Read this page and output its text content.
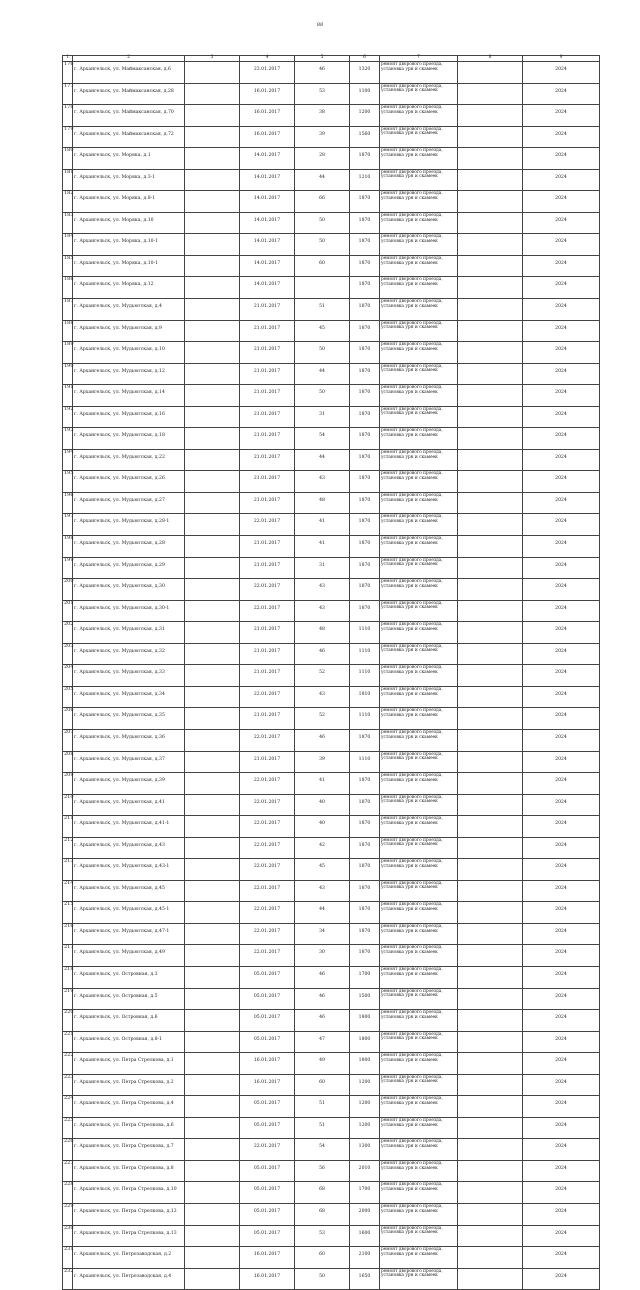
88
1	2	3	4	5	6	7	8	9
176	г. Архангельск, ул. Маймаксанская, д.6		23.01.2017	46	1320	ремонт дворового проезда, установка урн и скамеек		2024
177	г. Архангельск, ул. Маймаксанская, д.28		16.01.2017	53	1100	ремонт дворового проезда, установка урн и скамеек		2024
178	г. Архангельск, ул. Маймаксанская, д.70		16.01.2017	38	1200	ремонт дворового проезда, установка урн и скамеек		2024
179	г. Архангельск, ул. Маймаксанская, д.72		16.01.2017	39	1560	ремонт дворового проезда, установка урн и скамеек		2024
180	г. Архангельск, ул. Моряка, д.1		14.01.2017	28	1870	ремонт дворового проезда, установка урн и скамеек		2024
181	г. Архангельск, ул. Моряка, д.3-1		14.01.2017	44	1210	ремонт дворового проезда, установка урн и скамеек		2024
182	г. Архангельск, ул. Моряка, д.8-1		14.01.2017	66	1870	ремонт дворового проезда, установка урн и скамеек		2024
183	г. Архангельск, ул. Моряка, д.10		14.01.2017	50	1870	ремонт дворового проезда, установка урн и скамеек		2024
184	г. Архангельск, ул. Моряка, д.10-1		14.01.2017	50	1870	ремонт дворового проезда, установка урн и скамеек		2024
185	г. Архангельск, ул. Моряка, д.10-1		14.01.2017	60	1870	ремонт дворового проезда, установка урн и скамеек		2024
186	г. Архангельск, ул. Моряка, д.12		14.01.2017		1870	ремонт дворового проезда, установка урн и скамеек		2024
187	г. Архангельск, ул. Мудьюгская, д.4		21.01.2017	51	1870	ремонт дворового проезда, установка урн и скамеек		2024
188	г. Архангельск, ул. Мудьюгская, д.9		21.01.2017	45	1870	ремонт дворового проезда, установка урн и скамеек		2024
189	г. Архангельск, ул. Мудьюгская, д.10		21.01.2017	50	1870	ремонт дворового проезда, установка урн и скамеек		2024
190	г. Архангельск, ул. Мудьюгская, д.12		21.01.2017	44	1870	ремонт дворового проезда, установка урн и скамеек		2024
191	г. Архангельск, ул. Мудьюгская, д.14		21.01.2017	50	1870	ремонт дворового проезда, установка урн и скамеек		2024
192	г. Архангельск, ул. Мудьюгская, д.16		21.01.2017	31	1870	ремонт дворового проезда, установка урн и скамеек		2024
193	г. Архангельск, ул. Мудьюгская, д.18		21.01.2017	54	1870	ремонт дворового проезда, установка урн и скамеек		2024
194	г. Архангельск, ул. Мудьюгская, д.22		21.01.2017	44	1870	ремонт дворового проезда, установка урн и скамеек		2024
195	г. Архангельск, ул. Мудьюгская, д.26		21.01.2017	43	1870	ремонт дворового проезда, установка урн и скамеек		2024
196	г. Архангельск, ул. Мудьюгская, д.27		21.01.2017	48	1870	ремонт дворового проезда, установка урн и скамеек		2024
197	г. Архангельск, ул. Мудьюгская, д.28-1		22.01.2017	41	1870	ремонт дворового проезда, установка урн и скамеек		2024
198	г. Архангельск, ул. Мудьюгская, д.28		21.01.2017	41	1870	ремонт дворового проезда, установка урн и скамеек		2024
199	г. Архангельск, ул. Мудьюгская, д.29		21.01.2017	31	1870	ремонт дворового проезда, установка урн и скамеек		2024
200	г. Архангельск, ул. Мудьюгская, д.30		22.01.2017	43	1870	ремонт дворового проезда, установка урн и скамеек		2024
201	г. Архангельск, ул. Мудьюгская, д.30-1		22.01.2017	43	1870	ремонт дворового проезда, установка урн и скамеек		2024
202	г. Архангельск, ул. Мудьюгская, д.31		21.01.2017	48	1110	ремонт дворового проезда, установка урн и скамеек		2024
203	г. Архангельск, ул. Мудьюгская, д.32		21.01.2017	46	1110	ремонт дворового проезда, установка урн и скамеек		2024
204	г. Архангельск, ул. Мудьюгская, д.33		21.01.2017	52	1110	ремонт дворового проезда, установка урн и скамеек		2024
205	г. Архангельск, ул. Мудьюгская, д.34		22.01.2017	43	1810	ремонт дворового проезда, установка урн и скамеек		2024
206	г. Архангельск, ул. Мудьюгская, д.35		21.01.2017	52	1110	ремонт дворового проезда, установка урн и скамеек		2024
207	г. Архангельск, ул. Мудьюгская, д.36		22.01.2017	46	1870	ремонт дворового проезда, установка урн и скамеек		2024
208	г. Архангельск, ул. Мудьюгская, д.37		21.01.2017	39	1110	ремонт дворового проезда, установка урн и скамеек		2024
209	г. Архангельск, ул. Мудьюгская, д.39		22.01.2017	41	1870	ремонт дворового проезда, установка урн и скамеек		2024
210	г. Архангельск, ул. Мудьюгская, д.41		22.01.2017	40	1870	ремонт дворового проезда, установка урн и скамеек		2024
211	г. Архангельск, ул. Мудьюгская, д.41-1		22.01.2017	40	1870	ремонт дворового проезда, установка урн и скамеек		2024
212	г. Архангельск, ул. Мудьюгская, д.43		22.01.2017	42	1870	ремонт дворового проезда, установка урн и скамеек		2024
213	г. Архангельск, ул. Мудьюгская, д.43-1		22.01.2017	45	1870	ремонт дворового проезда, установка урн и скамеек		2024
214	г. Архангельск, ул. Мудьюгская, д.45		22.01.2017	43	1870	ремонт дворового проезда, установка урн и скамеек		2024
215	г. Архангельск, ул. Мудьюгская, д.45-1		22.01.2017	44	1870	ремонт дворового проезда, установка урн и скамеек		2024
216	г. Архангельск, ул. Мудьюгская, д.47-1		22.01.2017	34	1870	ремонт дворового проезда, установка урн и скамеек		2024
217	г. Архангельск, ул. Мудьюгская, д.49		22.01.2017	30	1870	ремонт дворового проезда, установка урн и скамеек		2024
218	г. Архангельск, ул. Островная, д.3		05.01.2017	46	1700	ремонт дворового проезда, установка урн и скамеек		2024
219	г. Архангельск, ул. Островная, д.5		05.01.2017	46	1500	ремонт дворового проезда, установка урн и скамеек		2024
220	г. Архангельск, ул. Островная, д.6		05.01.2017	46	1800	ремонт дворового проезда, установка урн и скамеек		2024
221	г. Архангельск, ул. Островная, д.8-1		05.01.2017	47	1800	ремонт дворового проезда, установка урн и скамеек		2024
222	г. Архангельск, ул. Петра Стрелкова, д.1		16.01.2017	49	1800	ремонт дворового проезда, установка урн и скамеек		2024
223	г. Архангельск, ул. Петра Стрелкова, д.2		16.01.2017	60	1200	ремонт дворового проезда, установка урн и скамеек		2024
224	г. Архангельск, ул. Петра Стрелкова, д.4		05.01.2017	51	1200	ремонт дворового проезда, установка урн и скамеек		2024
225	г. Архангельск, ул. Петра Стрелкова, д.6		05.01.2017	51	1200	ремонт дворового проезда, установка урн и скамеек		2024
226	г. Архангельск, ул. Петра Стрелкова, д.7		22.01.2017	54	1300	ремонт дворового проезда, установка урн и скамеек		2024
227	г. Архангельск, ул. Петра Стрелкова, д.8		05.01.2017	56	2010	ремонт дворового проезда, установка урн и скамеек		2024
228	г. Архангельск, ул. Петра Стрелкова, д.10		05.01.2017	68	1700	ремонт дворового проезда, установка урн и скамеек		2024
229	г. Архангельск, ул. Петра Стрелкова, д.12		05.01.2017	68	2000	ремонт дворового проезда, установка урн и скамеек		2024
230	г. Архангельск, ул. Петра Стрелкова, д.13		05.01.2017	53	1600	ремонт дворового проезда, установка урн и скамеек		2024
231	г. Архангельск, ул. Петрозаводская, д.2		16.01.2017	60	2100	ремонт дворового проезда, установка урн и скамеек		2024
232	г. Архангельск, ул. Петрозаводская, д.4		16.01.2017	50	1650	ремонт дворового проезда, установка урн и скамеек		2024
